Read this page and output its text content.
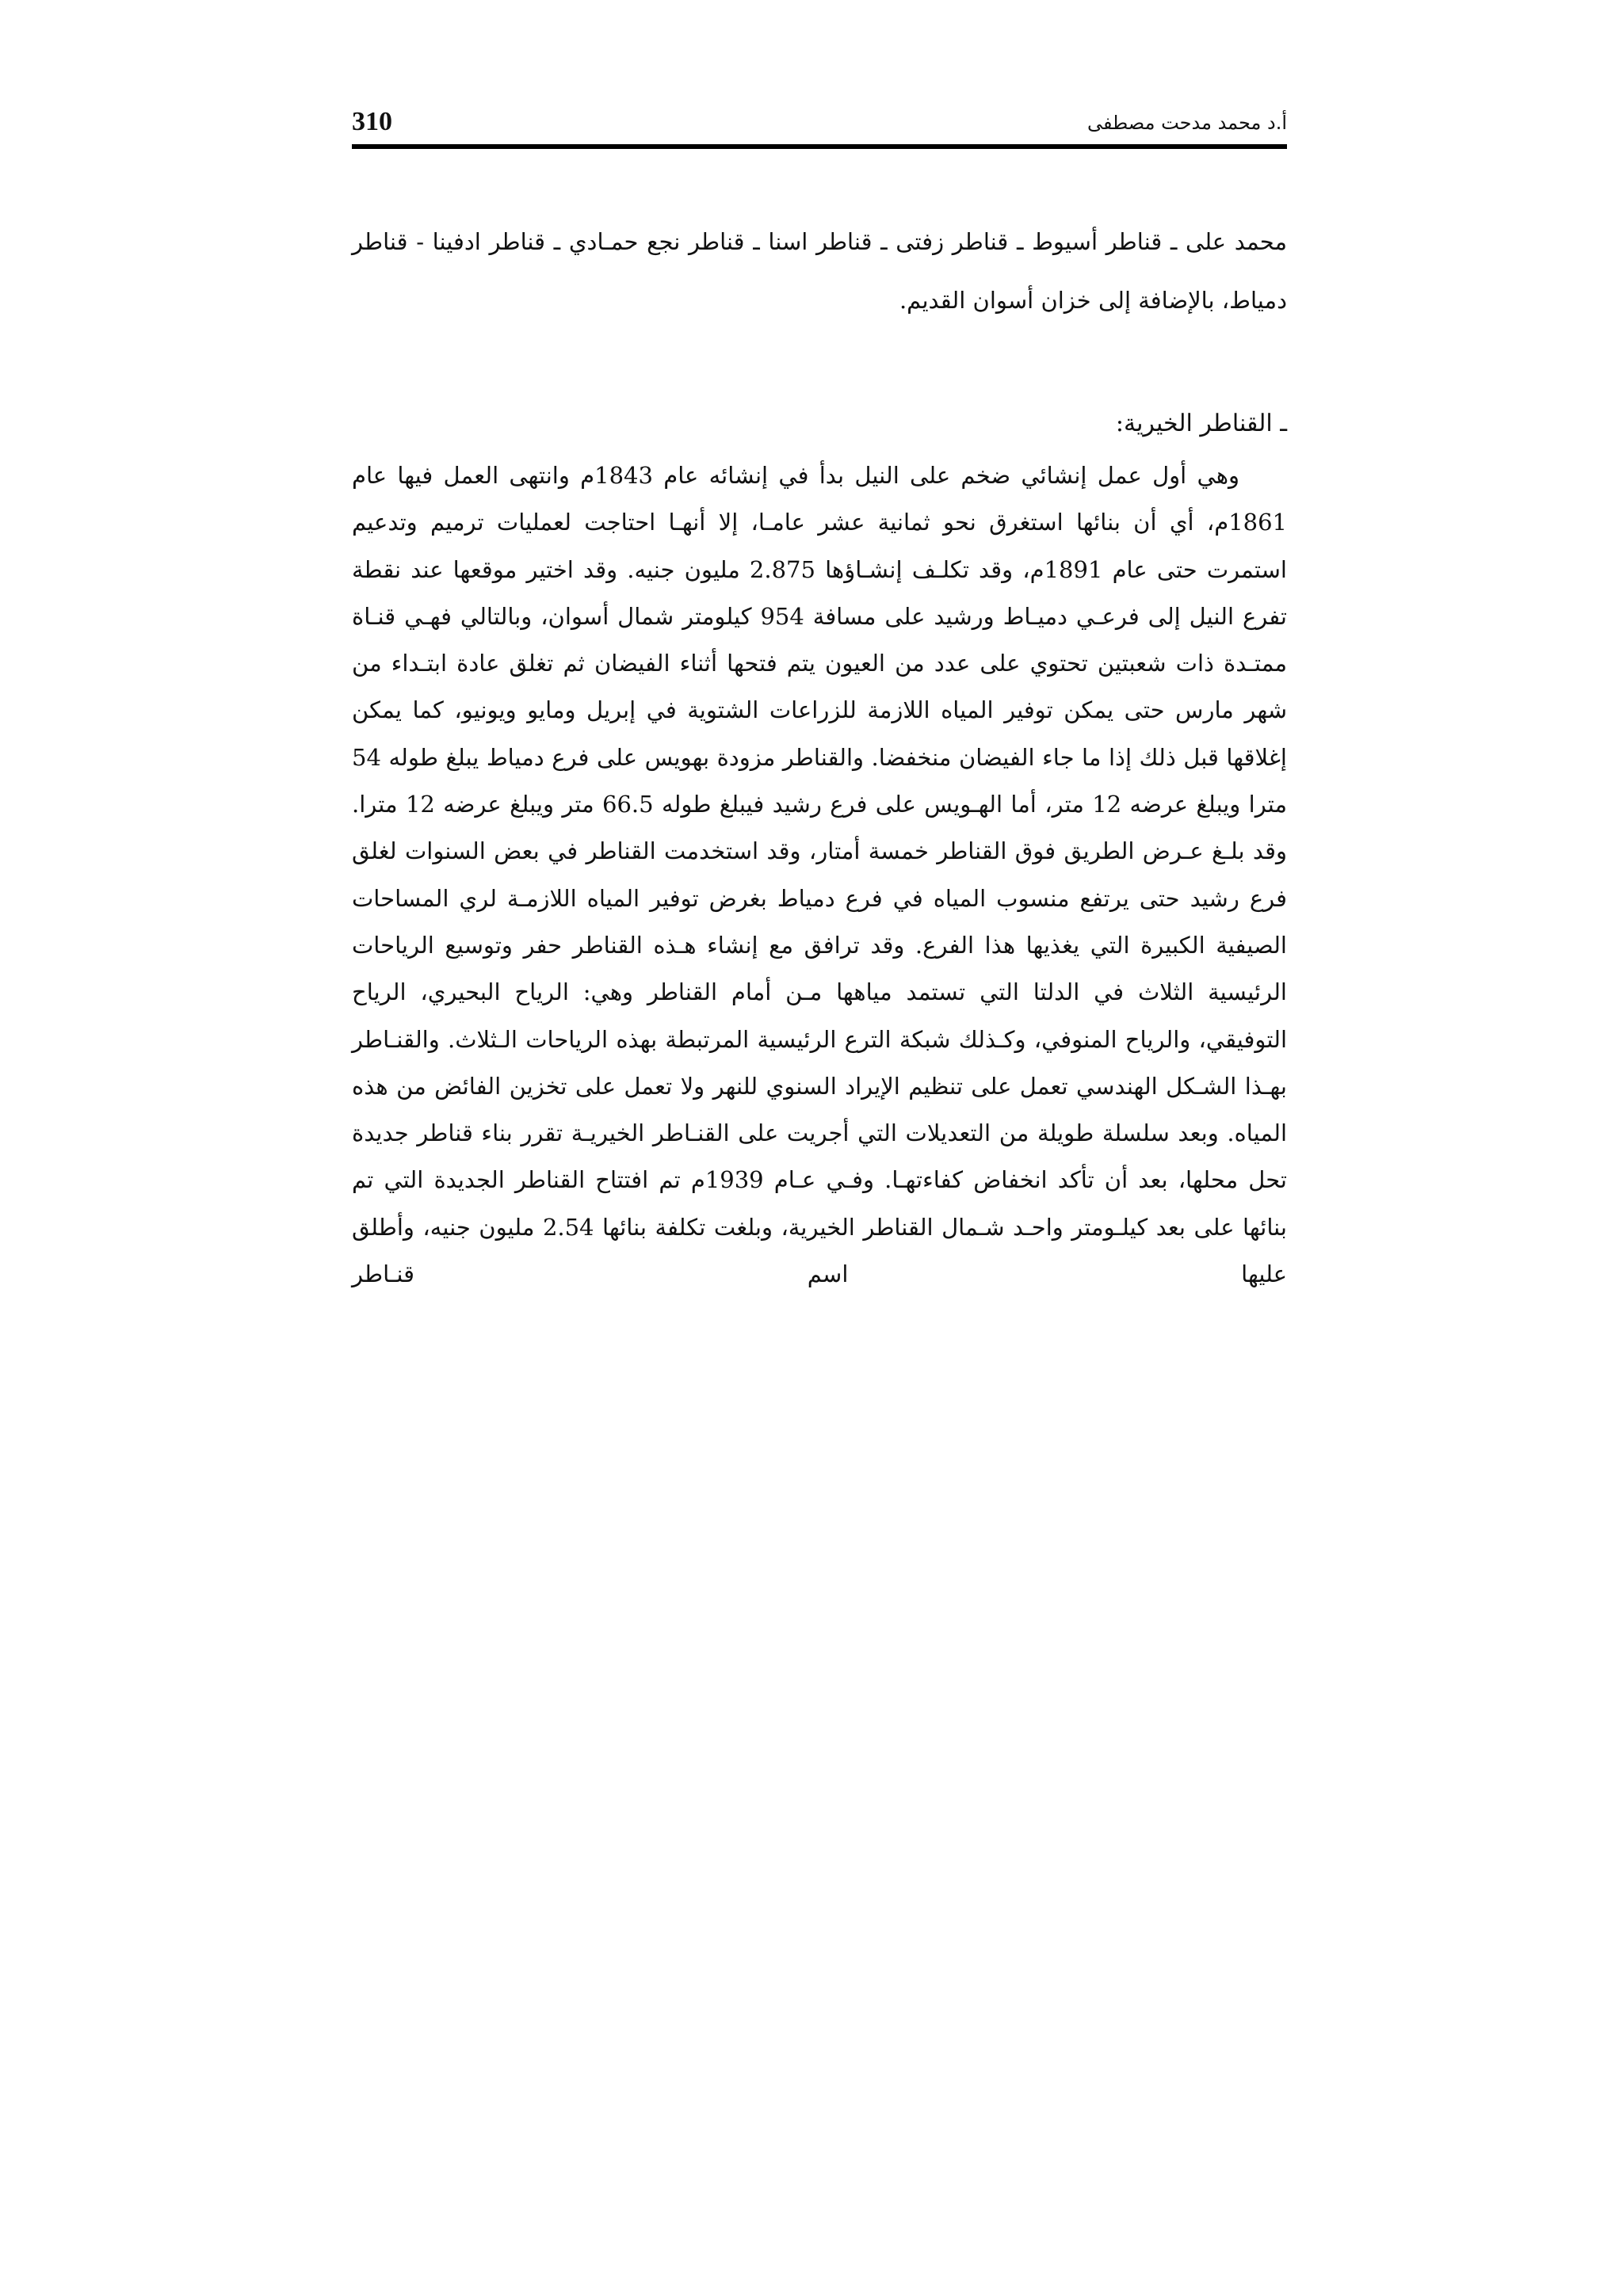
310	أ.د محمد مدحت مصطفى
محمد على ـ قناطر أسيوط ـ قناطر زفتى ـ قناطر اسنا ـ قناطر نجع حمـادي ـ قناطر ادفينا - قناطر دمياط، بالإضافة إلى خزان أسوان القديم.
ـ القناطر الخيرية:
وهي أول عمل إنشائي ضخم على النيل بدأ في إنشائه عام 1843م وانتهى العمل فيها عام 1861م، أي أن بنائها استغرق نحو ثمانية عشر عامـا، إلا أنهـا احتاجت لعمليات ترميم وتدعيم استمرت حتى عام 1891م، وقد تكلـف إنشـاؤها 2.875 مليون جنيه. وقد اختير موقعها عند نقطة تفرع النيل إلى فرعـي دميـاط ورشيد على مسافة 954 كيلومتر شمال أسوان، وبالتالي فهـي قنـاة ممتـدة ذات شعبتين تحتوي على عدد من العيون يتم فتحها أثناء الفيضان ثم تغلق عادة ابتـداء من شهر مارس حتى يمكن توفير المياه اللازمة للزراعات الشتوية في إبريل ومايو ويونيو، كما يمكن إغلاقها قبل ذلك إذا ما جاء الفيضان منخفضا. والقناطر مزودة بهويس على فرع دمياط يبلغ طوله 54 مترا ويبلغ عرضه 12 متر، أما الهـويس على فرع رشيد فيبلغ طوله 66.5 متر ويبلغ عرضه 12 مترا. وقد بلـغ عـرض الطريق فوق القناطر خمسة أمتار، وقد استخدمت القناطر في بعض السنوات لغلق فرع رشيد حتى يرتفع منسوب المياه في فرع دمياط بغرض توفير المياه اللازمـة لري المساحات الصيفية الكبيرة التي يغذيها هذا الفرع. وقد ترافق مع إنشاء هـذه القناطر حفر وتوسيع الرياحات الرئيسية الثلاث في الدلتا التي تستمد مياهها مـن أمام القناطر وهي: الرياح البحيري، الرياح التوفيقي، والرياح المنوفي، وكـذلك شبكة الترع الرئيسية المرتبطة بهذه الرياحات الـثلاث. والقنـاطر بهـذا الشـكل الهندسي تعمل على تنظيم الإيراد السنوي للنهر ولا تعمل على تخزين الفائض من هذه المياه. وبعد سلسلة طويلة من التعديلات التي أجريت على القنـاطر الخيريـة تقرر بناء قناطر جديدة تحل محلها، بعد أن تأكد انخفاض كفاءتهـا. وفـي عـام 1939م تم افتتاح القناطر الجديدة التي تم بنائها على بعد كيلـومتر واحـد شـمال القناطر الخيرية، وبلغت تكلفة بنائها 2.54 مليون جنيه، وأطلق عليها اسم قنـاطر
